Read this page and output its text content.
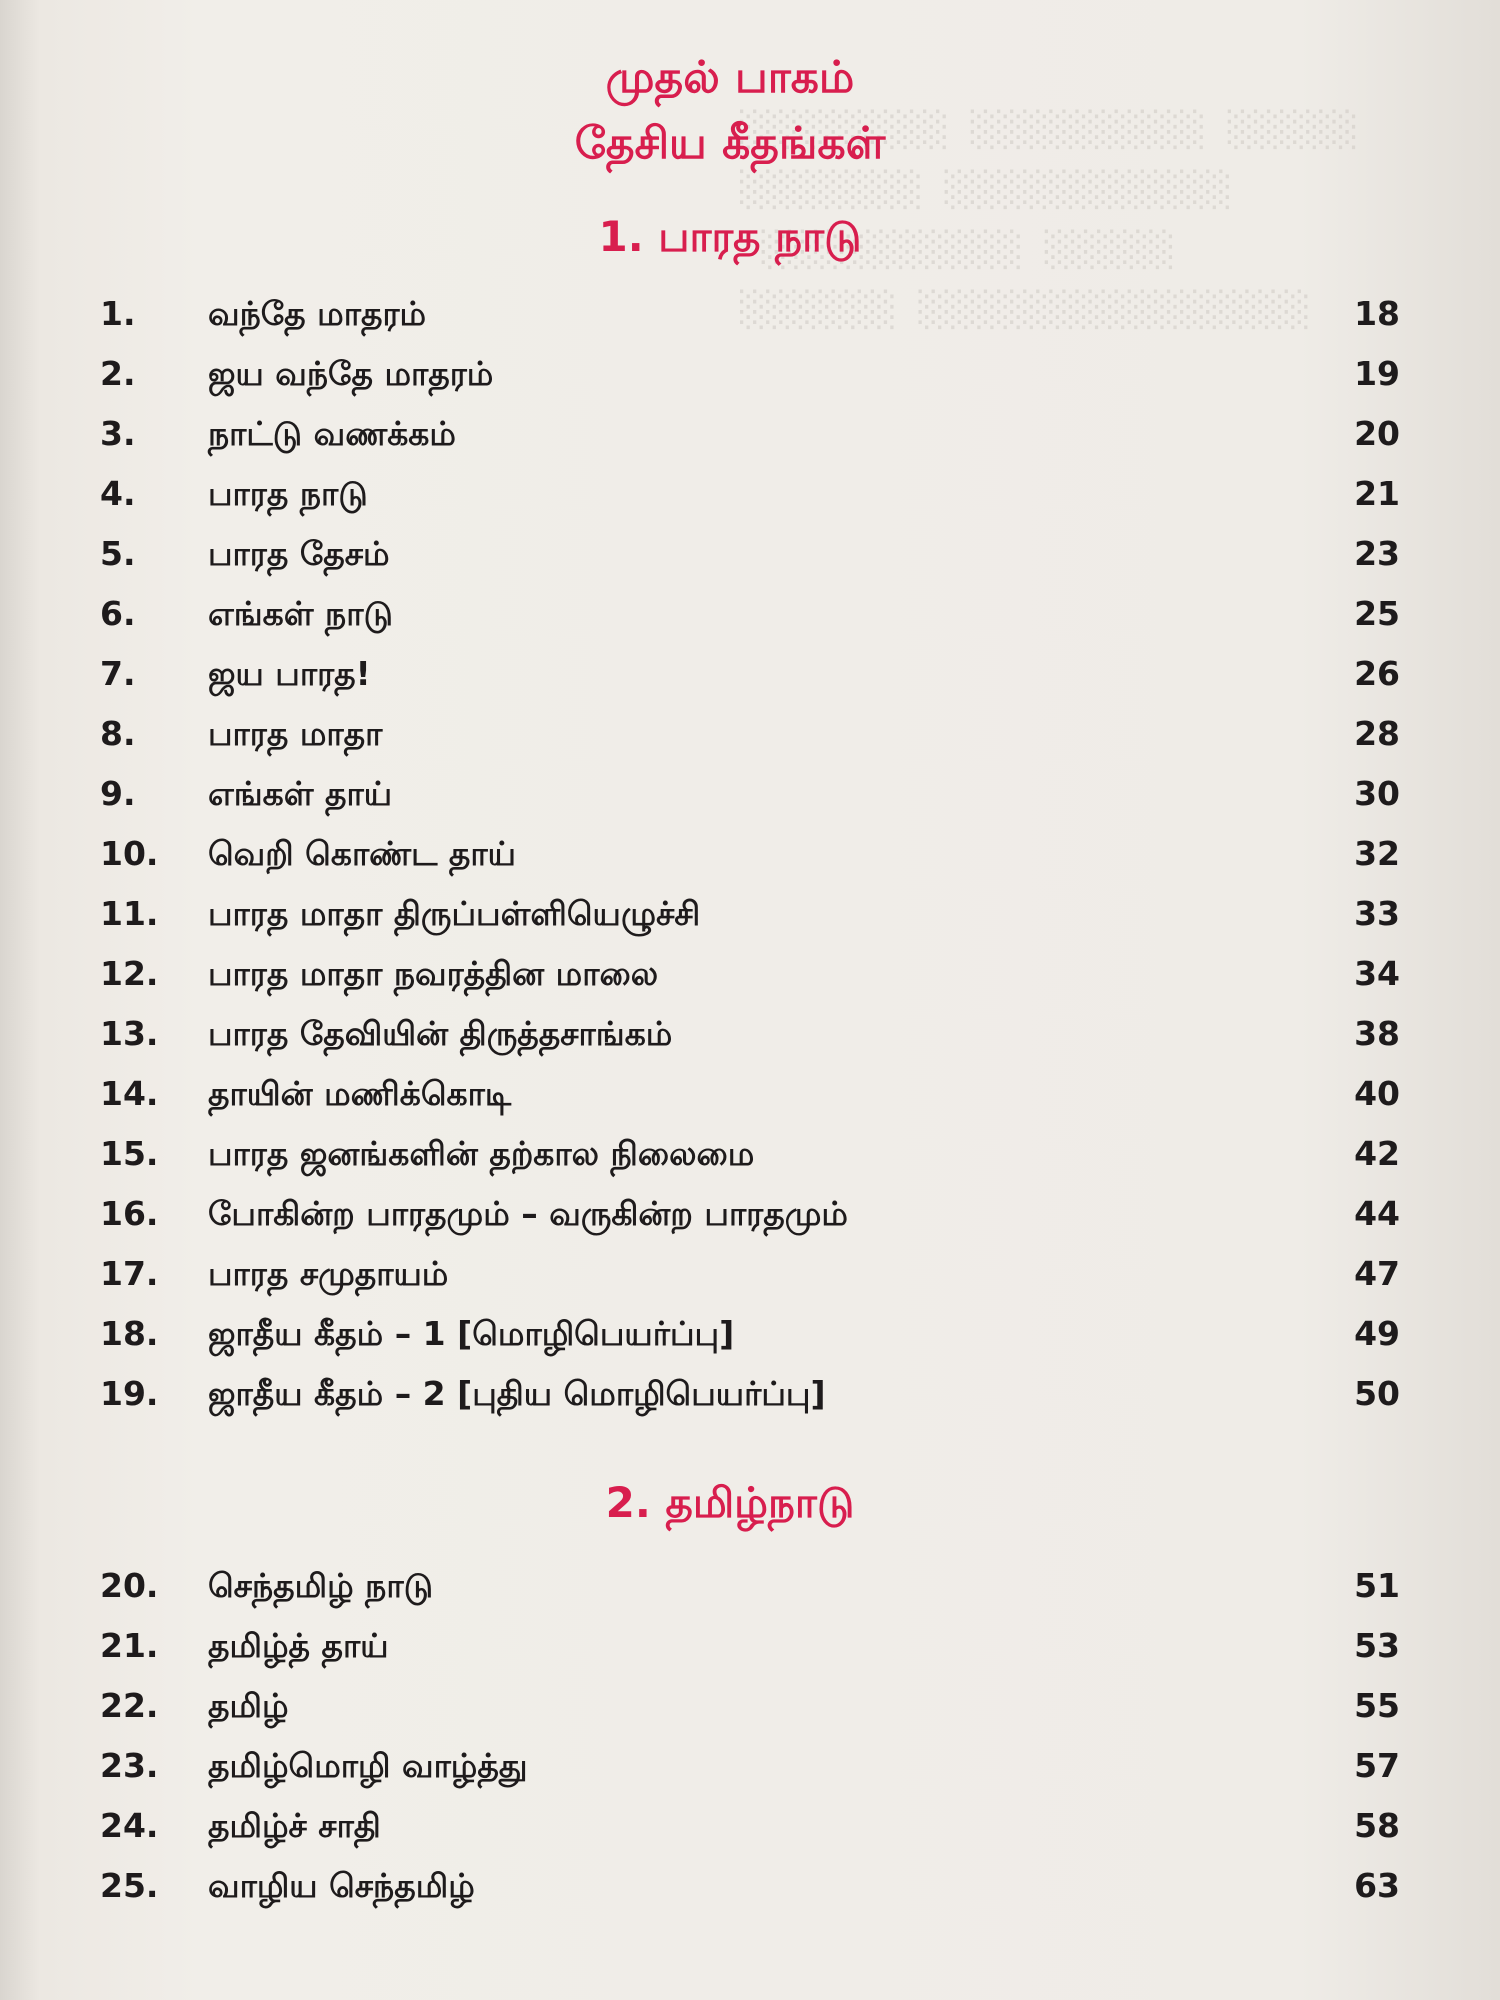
░░░░░░░░  ░░░░░░░░░  ░░░░░
░░░░░░░  ░░░░░░░░░░░
░░░░░░░░░░  ░░░░░
░░░░░░  ░░░░░░░░░░░░░░░
முதல் பாகம்
தேசிய கீதங்கள்
1. பாரத நாடு
1.	வந்தே மாதரம்	18
2.	ஜய வந்தே மாதரம்	19
3.	நாட்டு வணக்கம்	20
4.	பாரத நாடு	21
5.	பாரத தேசம்	23
6.	எங்கள் நாடு	25
7.	ஜய பாரத!	26
8.	பாரத மாதா	28
9.	எங்கள் தாய்	30
10.	வெறி கொண்ட தாய்	32
11.	பாரத மாதா திருப்பள்ளியெழுச்சி	33
12.	பாரத மாதா நவரத்தின மாலை	34
13.	பாரத தேவியின் திருத்தசாங்கம்	38
14.	தாயின் மணிக்கொடி	40
15.	பாரத ஜனங்களின் தற்கால நிலைமை	42
16.	போகின்ற பாரதமும் – வருகின்ற பாரதமும்	44
17.	பாரத சமுதாயம்	47
18.	ஜாதீய கீதம் – 1 [மொழிபெயர்ப்பு]	49
19.	ஜாதீய கீதம் – 2 [புதிய மொழிபெயர்ப்பு]	50
2. தமிழ்நாடு
20.	செந்தமிழ் நாடு	51
21.	தமிழ்த் தாய்	53
22.	தமிழ்	55
23.	தமிழ்மொழி வாழ்த்து	57
24.	தமிழ்ச் சாதி	58
25.	வாழிய செந்தமிழ்	63
